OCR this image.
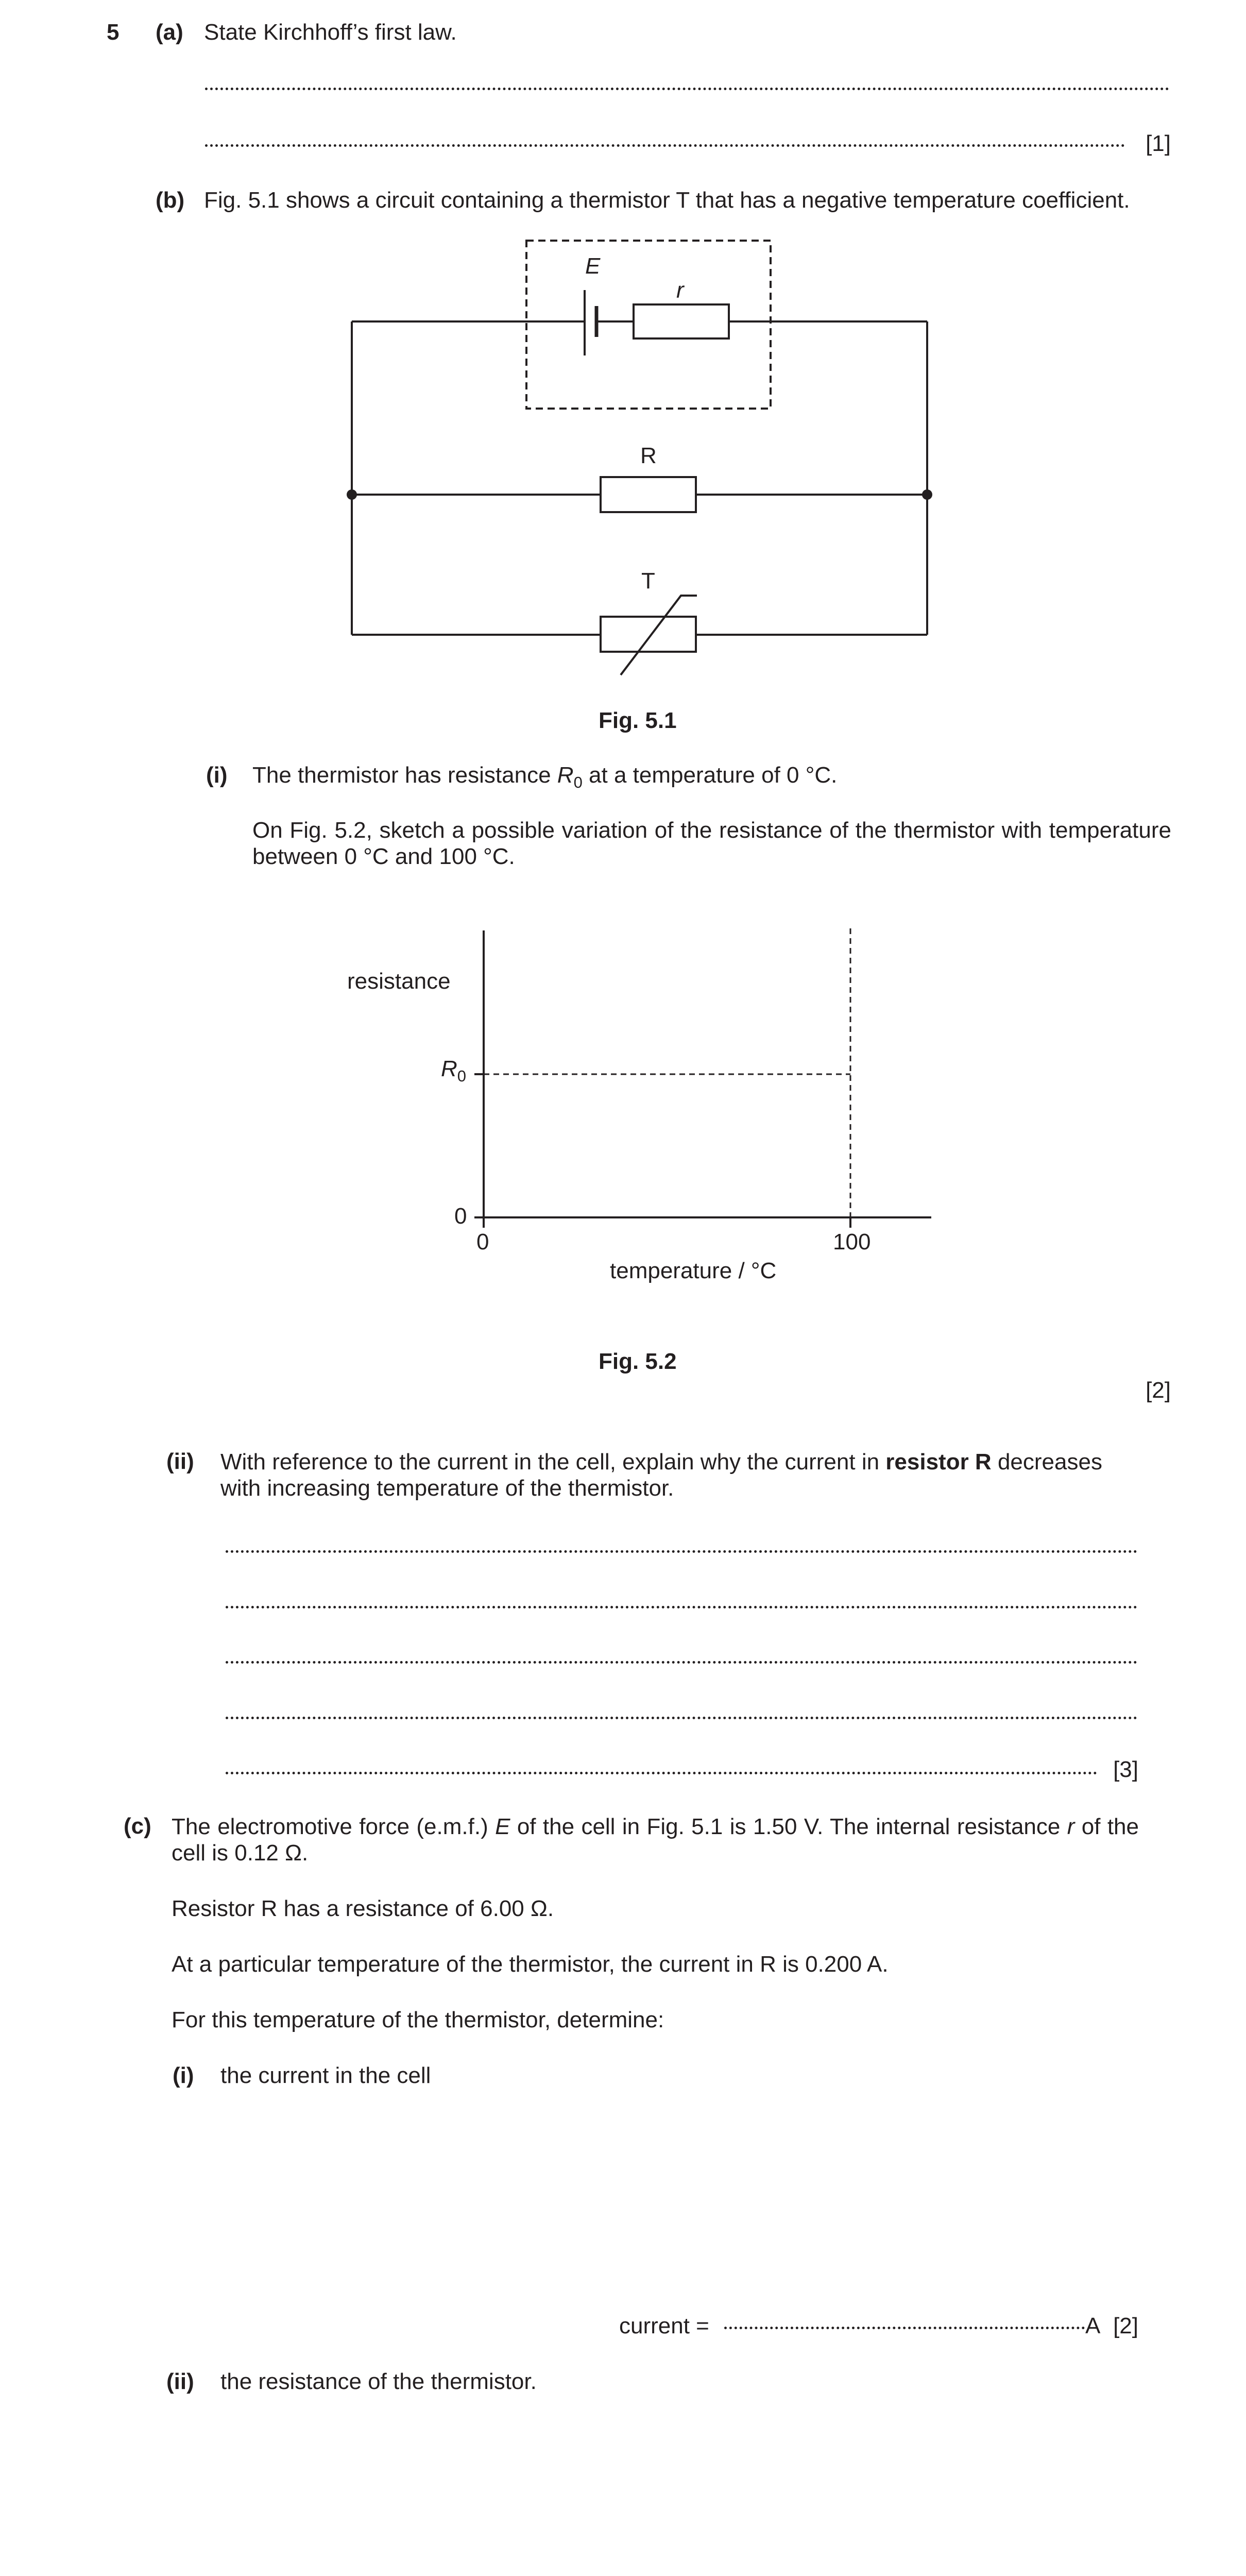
5 (a) State Kirchhoff’s first law.
[1]
(b) Fig. 5.1 shows a circuit containing a thermistor T that has a negative temperature coefficient.
E
r
R
T
Fig. 5.1
(i) The thermistor has resistance $R_0$ at a temperature of 0 °C.
On Fig. 5.2, sketch a possible variation of the resistance of the thermistor with temperature between 0 °C and 100 °C.
resistance
$R_0$
0
0	100
temperature / °C
Fig. 5.2
[2]
(ii) With reference to the current in the cell, explain why the current in resistor R decreases with increasing temperature of the thermistor.
[3]
(c) The electromotive force (e.m.f.) E of the cell in Fig. 5.1 is 1.50 V. The internal resistance r of the cell is 0.12 Ω.
Resistor R has a resistance of 6.00 Ω.
At a particular temperature of the thermistor, the current in R is 0.200 A.
For this temperature of the thermistor, determine:
(i) the current in the cell
current =	A [2]
(ii) the resistance of the thermistor.
